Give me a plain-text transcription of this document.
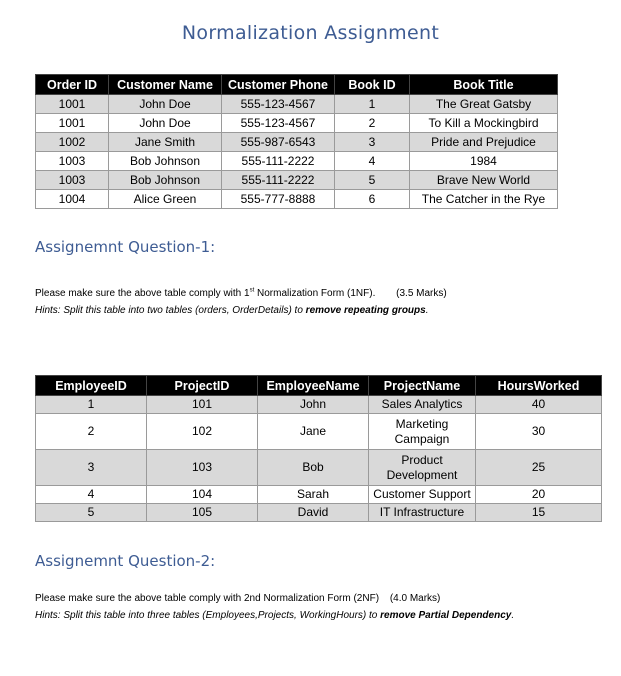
Normalization Assignment
Order ID	Customer Name	Customer Phone	Book ID	Book Title
1001	John Doe	555-123-4567	1	The Great Gatsby
1001	John Doe	555-123-4567	2	To Kill a Mockingbird
1002	Jane Smith	555-987-6543	3	Pride and Prejudice
1003	Bob Johnson	555-111-2222	4	1984
1003	Bob Johnson	555-111-2222	5	Brave New World
1004	Alice Green	555-777-8888	6	The Catcher in the Rye
Assignemnt Question-1:
Please make sure the above table comply with 1st Normalization Form (1NF). (3.5 Marks)
Hints: Split this table into two tables (orders, OrderDetails) to remove repeating groups.
EmployeeID	ProjectID	EmployeeName	ProjectName	HoursWorked
1	101	John	Sales Analytics	40
2	102	Jane	Marketing Campaign	30
3	103	Bob	Product Development	25
4	104	Sarah	Customer Support	20
5	105	David	IT Infrastructure	15
Assignemnt Question-2:
Please make sure the above table comply with 2nd Normalization Form (2NF) (4.0 Marks)
Hints: Split this table into three tables (Employees,Projects, WorkingHours) to remove Partial Dependency.
